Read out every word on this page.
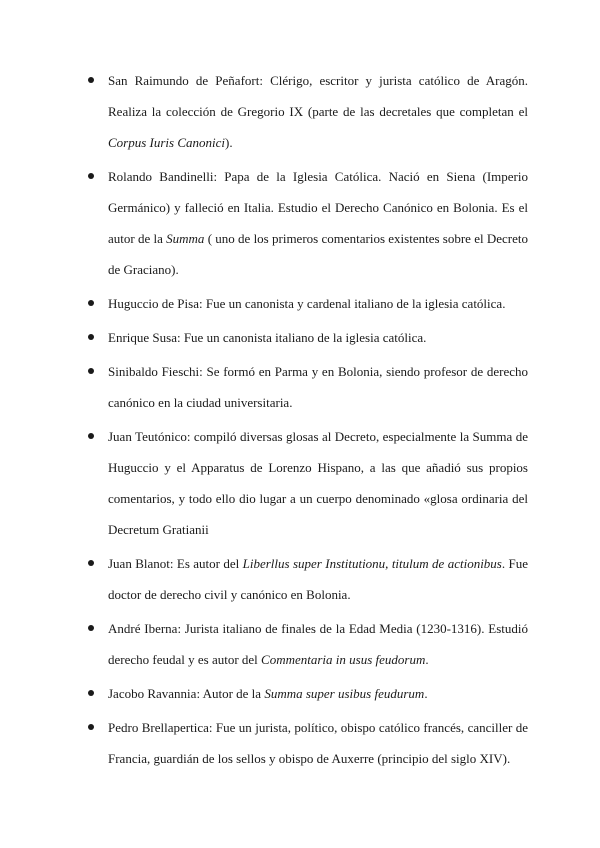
San Raimundo de Peñafort: Clérigo, escritor y jurista católico de Aragón. Realiza la colección de Gregorio IX (parte de las decretales que completan el Corpus Iuris Canonici).
Rolando Bandinelli: Papa de la Iglesia Católica. Nació en Siena (Imperio Germánico) y falleció en Italia. Estudio el Derecho Canónico en Bolonia. Es el autor de la Summa ( uno de los primeros comentarios existentes sobre el Decreto de Graciano).
Huguccio de Pisa: Fue un canonista y cardenal italiano de la iglesia católica.
Enrique Susa: Fue un canonista italiano de la iglesia católica.
Sinibaldo Fieschi: Se formó en Parma y en Bolonia, siendo profesor de derecho canónico en la ciudad universitaria.
Juan Teutónico: compiló diversas glosas al Decreto, especialmente la Summa de Huguccio y el Apparatus de Lorenzo Hispano, a las que añadió sus propios comentarios, y todo ello dio lugar a un cuerpo denominado «glosa ordinaria del Decretum Gratianii
Juan Blanot: Es autor del Liberllus super Institutionu, titulum de actionibus. Fue doctor de derecho civil y canónico en Bolonia.
André Iberna: Jurista italiano de finales de la Edad Media (1230-1316). Estudió derecho feudal y es autor del Commentaria in usus feudorum.
Jacobo Ravannia: Autor de la Summa super usibus feudurum.
Pedro Brellapertica: Fue un jurista, político, obispo católico francés, canciller de Francia, guardián de los sellos y obispo de Auxerre (principio del siglo XIV).
